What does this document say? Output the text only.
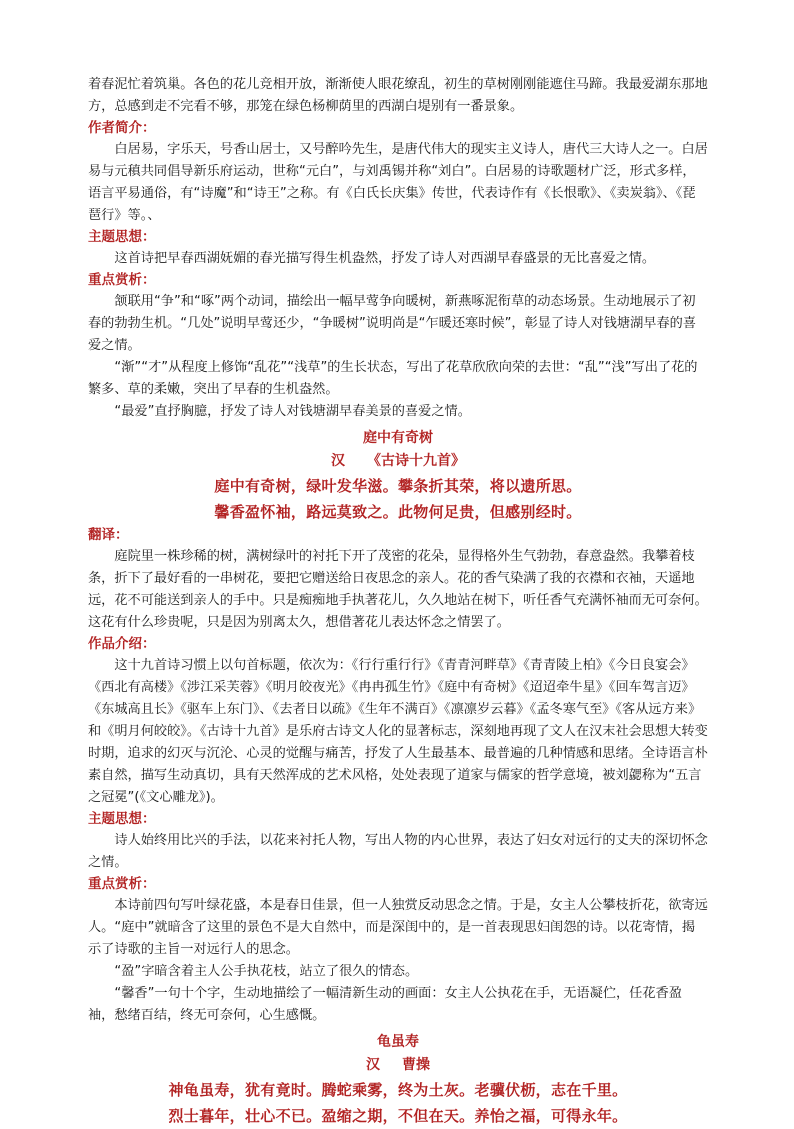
着春泥忙着筑巢。各色的花儿竞相开放，渐渐使人眼花缭乱，初生的草树刚刚能遮住马蹄。我最爱湖东那地方，总感到走不完看不够，那笼在绿色杨柳荫里的西湖白堤别有一番景象。

作者简介：

白居易，字乐天，号香山居士，又号醉吟先生，是唐代伟大的现实主义诗人，唐代三大诗人之一。白居易与元稹共同倡导新乐府运动，世称“元白”，与刘禹锡并称“刘白”。白居易的诗歌题材广泛，形式多样，语言平易通俗，有“诗魔”和“诗王”之称。有《白氏长庆集》传世，代表诗作有《长恨歌》、《卖炭翁》、《琵琶行》等。、

主题思想：

这首诗把早春西湖妩媚的春光描写得生机盎然，抒发了诗人对西湖早春盛景的无比喜爱之情。

重点赏析：

颔联用“争”和“啄”两个动词，描绘出一幅早莺争向暖树，新燕啄泥衔草的动态场景。生动地展示了初春的勃勃生机。“几处”说明早莺还少，“争暖树”说明尚是“乍暖还寒时候”，彰显了诗人对钱塘湖早春的喜爱之情。

“渐”“才”从程度上修饰“乱花”“浅草”的生长状态，写出了花草欣欣向荣的去世：“乱”“浅”写出了花的繁多、草的柔嫩，突出了早春的生机盎然。

“最爱”直抒胸臆，抒发了诗人对钱塘湖早春美景的喜爱之情。

庭中有奇树

汉 《古诗十九首》

庭中有奇树，绿叶发华滋。攀条折其荣，将以遗所思。

馨香盈怀袖，路远莫致之。此物何足贵，但感别经时。

翻译：

庭院里一株珍稀的树，满树绿叶的衬托下开了茂密的花朵，显得格外生气勃勃，春意盎然。我攀着枝条，折下了最好看的一串树花，要把它赠送给日夜思念的亲人。花的香气染满了我的衣襟和衣袖，天遥地远，花不可能送到亲人的手中。只是痴痴地手执著花儿，久久地站在树下，听任香气充满怀袖而无可奈何。 这花有什么珍贵呢，只是因为别离太久，想借著花儿表达怀念之情罢了。

作品介绍：

这十九首诗习惯上以句首标题，依次为：《行行重行行》《青青河畔草》《青青陵上柏》《今日良宴会》《西北有高楼》《涉江采芙蓉》《明月皎夜光》《冉冉孤生竹》《庭中有奇树》《迢迢牵牛星》《回车驾言迈》《东城高且长》《驱车上东门》、《去者日以疏》《生年不满百》《凛凛岁云暮》《孟冬寒气至》《客从远方来》和《明月何皎皎》。《古诗十九首》是乐府古诗文人化的显著标志，深刻地再现了文人在汉末社会思想大转变时期，追求的幻灭与沉沦、心灵的觉醒与痛苦，抒发了人生最基本、最普遍的几种情感和思绪。全诗语言朴素自然，描写生动真切，具有天然浑成的艺术风格，处处表现了道家与儒家的哲学意境，被刘勰称为“五言之冠冕”(《文心雕龙》)。

主题思想：

诗人始终用比兴的手法，以花来衬托人物，写出人物的内心世界，表达了妇女对远行的丈夫的深切怀念之情。

重点赏析：

本诗前四句写叶绿花盛，本是春日佳景，但一人独赏反动思念之情。于是，女主人公攀枝折花，欲寄远人。“庭中”就暗含了这里的景色不是大自然中，而是深闺中的，是一首表现思妇闺怨的诗。以花寄情，揭示了诗歌的主旨一对远行人的思念。

“盈”字暗含着主人公手执花枝，站立了很久的情态。

“馨香”一句十个字，生动地描绘了一幅清新生动的画面：女主人公执花在手，无语凝伫，任花香盈袖，愁绪百结，终无可奈何，心生感慨。

龟虽寿

汉 曹操

神龟虽寿，犹有竟时。腾蛇乘雾，终为土灰。老骥伏枥，志在千里。

烈士暮年，壮心不已。盈缩之期，不但在天。养怡之福，可得永年。
